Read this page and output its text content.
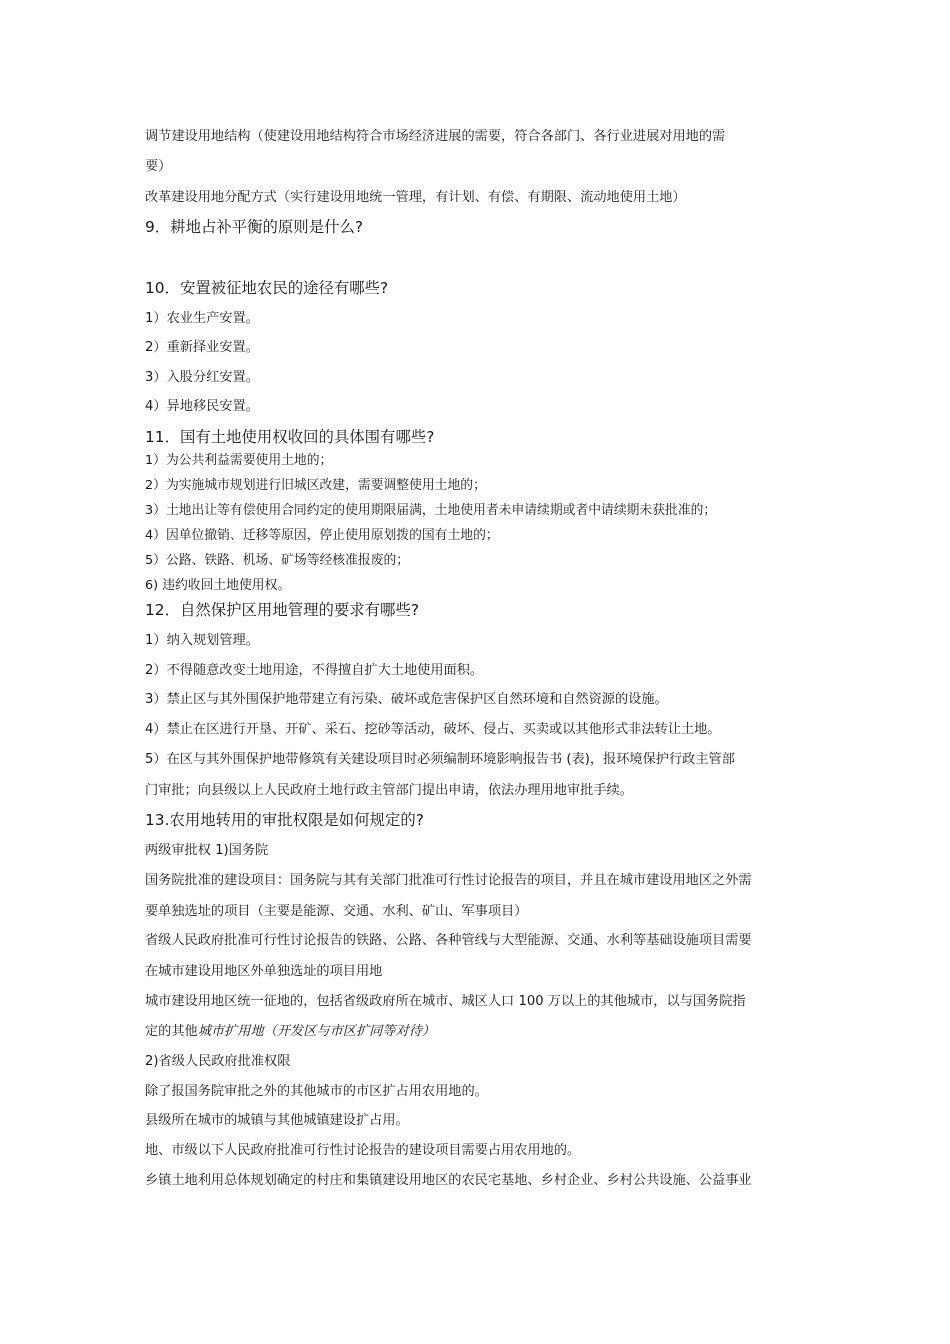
调节建设用地结构（使建设用地结构符合市场经济进展的需要，符合各部门、各行业进展对用地的需
要）
改革建设用地分配方式（实行建设用地统一管理，有计划、有偿、有期限、流动地使用土地）
9．耕地占补平衡的原则是什么?
10．安置被征地农民的途径有哪些?
1）农业生产安置。
2）重新择业安置。
3）入股分红安置。
4）异地移民安置。
11．国有土地使用权收回的具体围有哪些?
1）为公共利益需要使用土地的；
2）为实施城市规划进行旧城区改建，需要调整使用土地的；
3）土地出让等有偿使用合同约定的使用期限届满，土地使用者未申请续期或者中请续期未获批准的；
4）因单位撤销、迁移等原因，停止使用原划拨的国有土地的；
5）公路、铁路、机场、矿场等经核准报废的；
6) 违约收回土地使用权。
12．自然保护区用地管理的要求有哪些?
1）纳入规划管理。
2）不得随意改变土地用途，不得擅自扩大土地使用面积。
3）禁止区与其外围保护地带建立有污染、破坏或危害保护区自然环境和自然资源的设施。
4）禁止在区进行开垦、开矿、采石、挖砂等活动，破坏、侵占、买卖或以其他形式非法转让土地。
5）在区与其外围保护地带修筑有关建设项目时必须编制环境影响报告书 (表)，报环境保护行政主管部
门审批；向县级以上人民政府土地行政主管部门提出申请，依法办理用地审批手续。
13.农用地转用的审批权限是如何规定的?
两级审批权 1)国务院
国务院批准的建设项目：国务院与其有关部门批准可行性讨论报告的项目，并且在城市建设用地区之外需
要单独选址的项目（主要是能源、交通、水利、矿山、军事项目）
省级人民政府批准可行性讨论报告的铁路、公路、各种管线与大型能源、交通、水利等基础设施项目需要
在城市建设用地区外单独选址的项目用地
城市建设用地区统一征地的，包括省级政府所在城市、城区人口 100 万以上的其他城市，以与国务院指
定的其他城市扩用地（开发区与市区扩同等对待）
2)省级人民政府批准权限
除了报国务院审批之外的其他城市的市区扩占用农用地的。
县级所在城市的城镇与其他城镇建设扩占用。
地、市级以下人民政府批准可行性讨论报告的建设项目需要占用农用地的。
乡镇土地利用总体规划确定的村庄和集镇建设用地区的农民宅基地、乡村企业、乡村公共设施、公益事业
